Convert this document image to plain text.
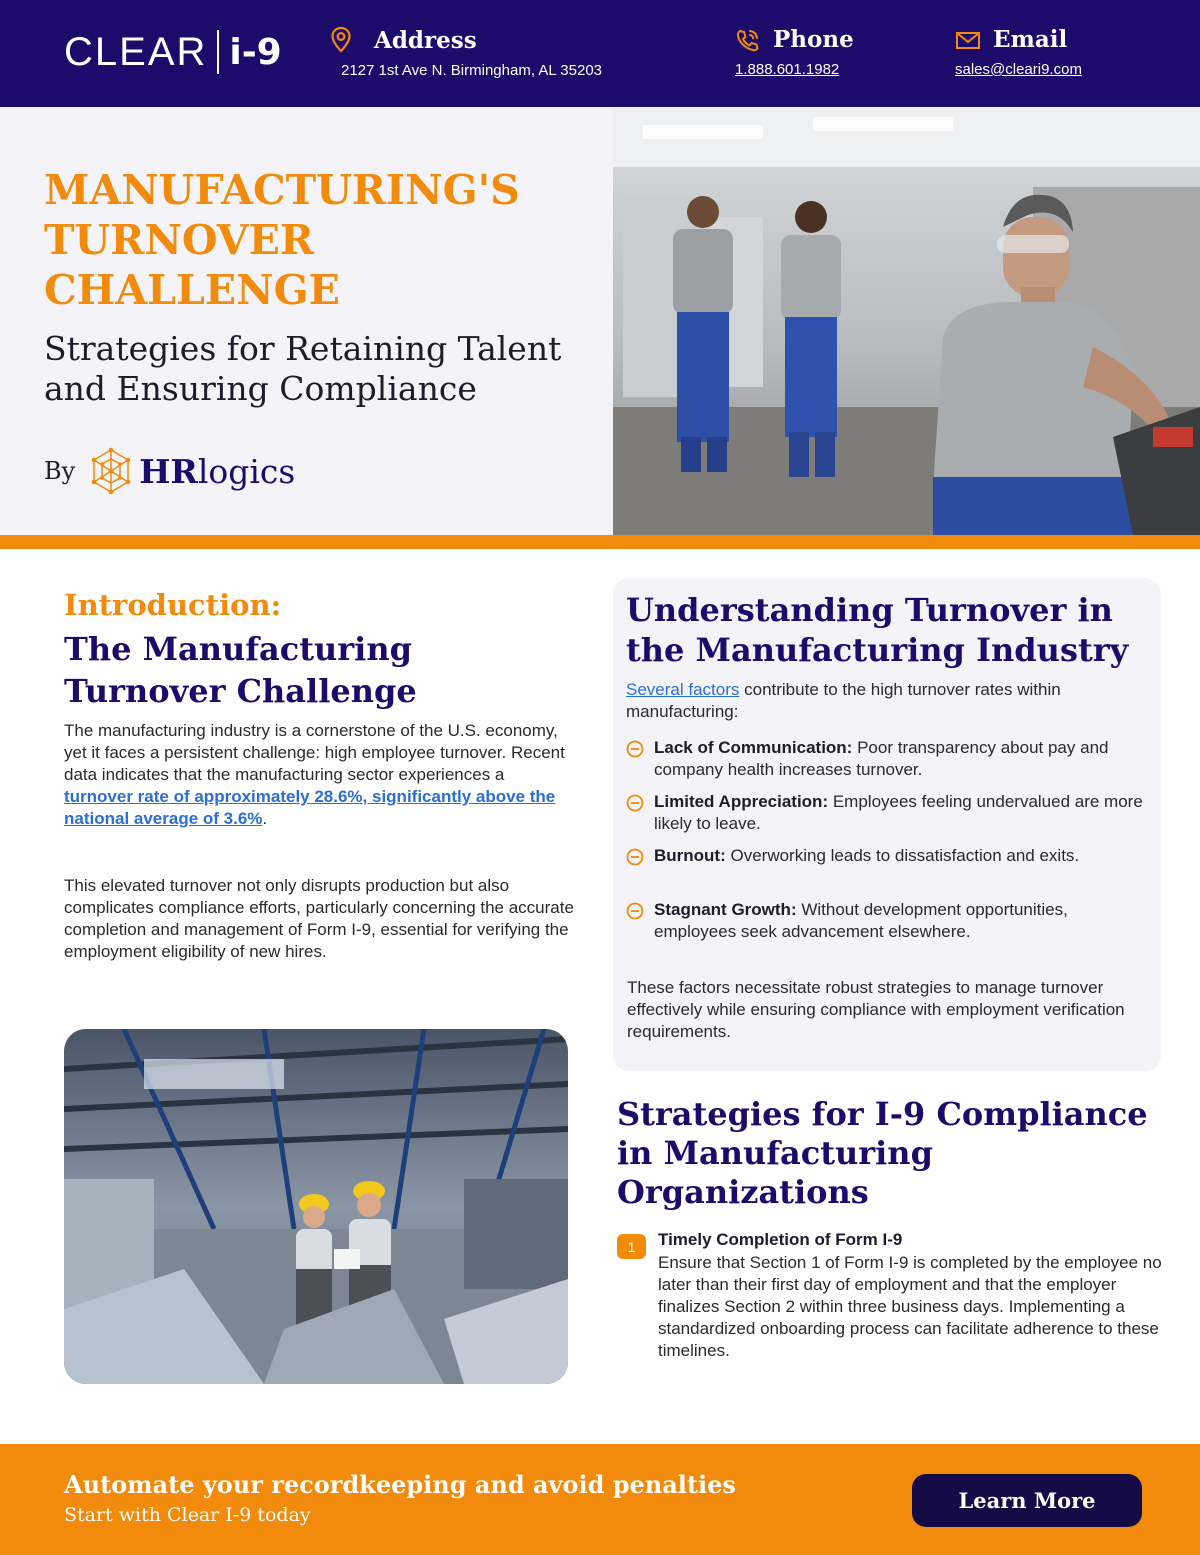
CLEAR i-9	Address
2127 1st Ave N. Birmingham, AL 35203
Phone
1.888.601.1982
Email
sales@cleari9.com
MANUFACTURING'S
TURNOVER
CHALLENGE
Strategies for Retaining Talent
and Ensuring Compliance
By HRlogics
Introduction:
The Manufacturing
Turnover Challenge

The manufacturing industry is a cornerstone of the U.S. economy, yet it faces a persistent challenge: high employee turnover. Recent data indicates that the manufacturing sector experiences a turnover rate of approximately 28.6%, significantly above the national average of 3.6%.

This elevated turnover not only disrupts production but also complicates compliance efforts, particularly concerning the accurate completion and management of Form I-9, essential for verifying the employment eligibility of new hires.

Understanding Turnover in
the Manufacturing Industry

Several factors contribute to the high turnover rates within manufacturing:

Lack of Communication: Poor transparency about pay and company health increases turnover.
Limited Appreciation: Employees feeling undervalued are more likely to leave.
Burnout: Overworking leads to dissatisfaction and exits.
Stagnant Growth: Without development opportunities, employees seek advancement elsewhere.

These factors necessitate robust strategies to manage turnover effectively while ensuring compliance with employment verification requirements.

Strategies for I-9 Compliance
in Manufacturing
Organizations
1	Timely Completion of Form I-9

Ensure that Section 1 of Form I-9 is completed by the employee no later than their first day of employment and that the employer finalizes Section 2 within three business days. Implementing a standardized onboarding process can facilitate adherence to these timelines.

Automate your recordkeeping and avoid penalties
Start with Clear I-9 today
Learn More
